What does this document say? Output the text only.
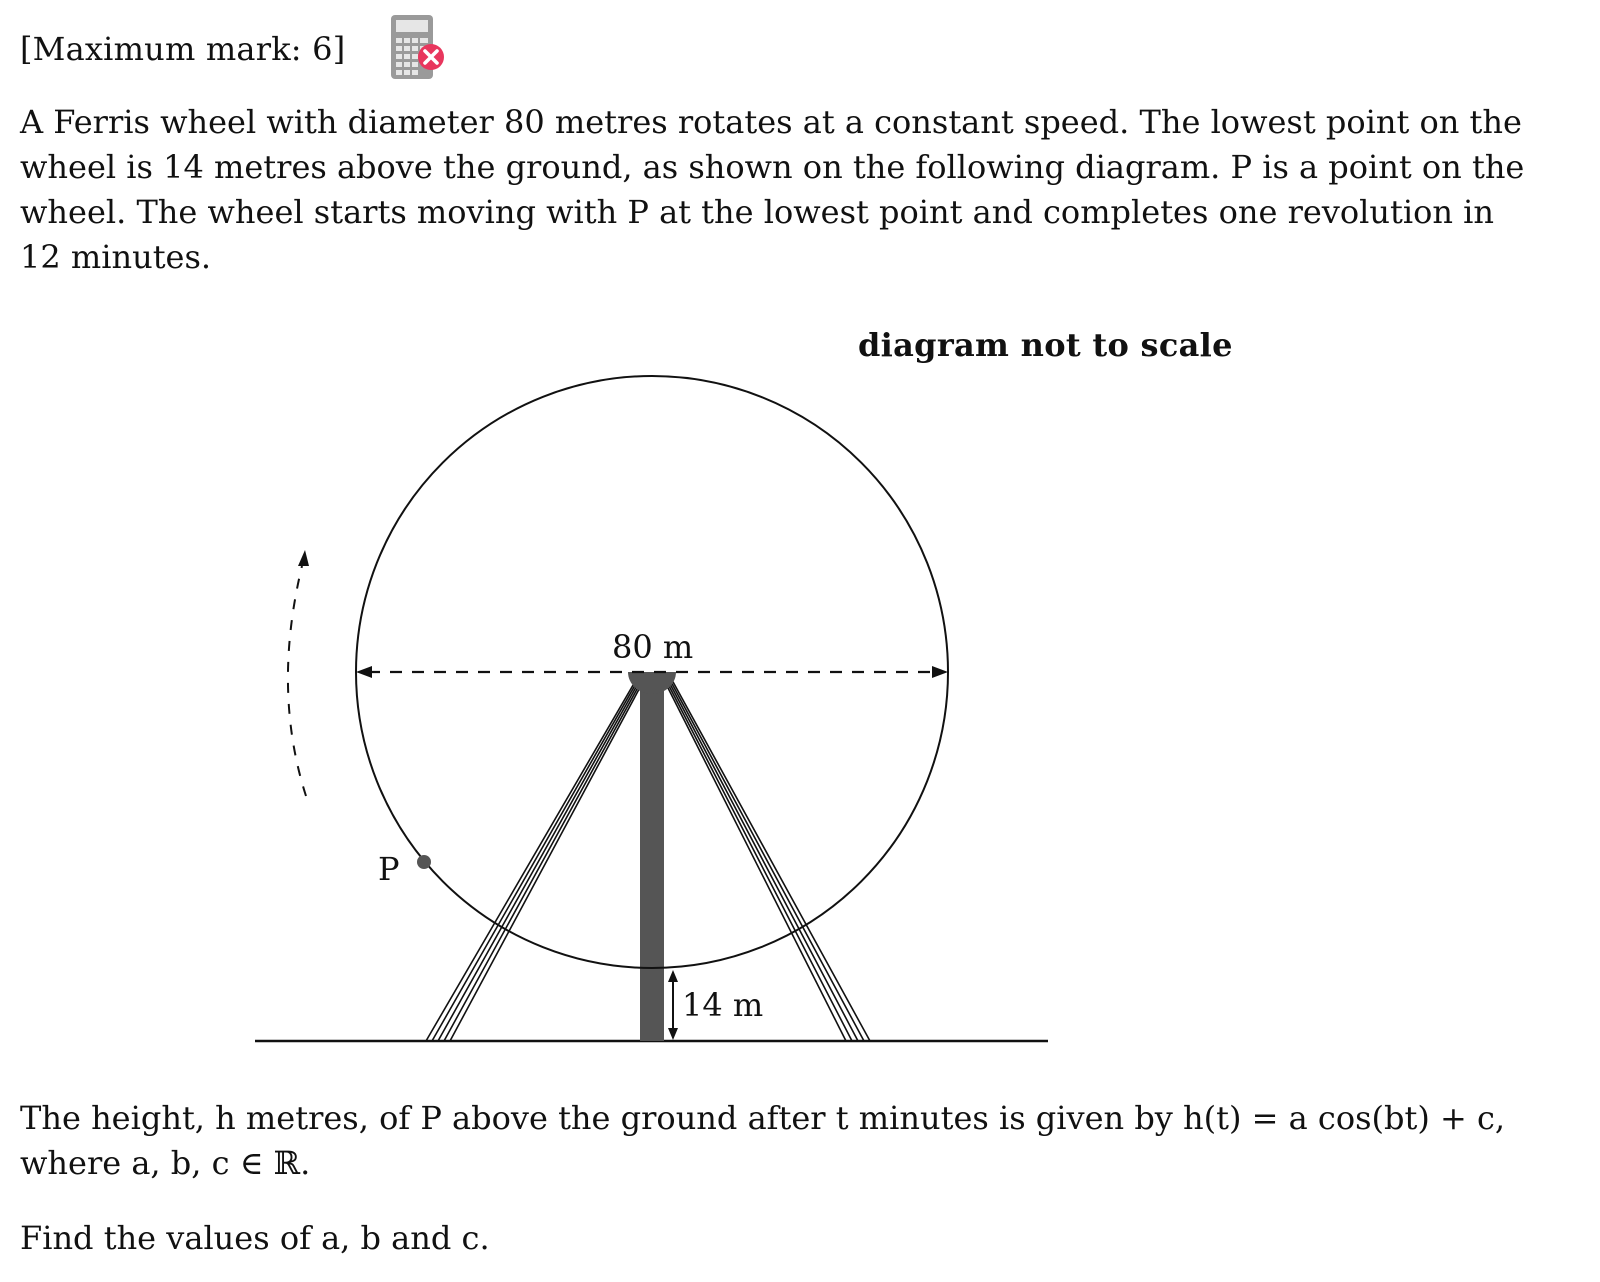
[Maximum mark: 6]
A Ferris wheel with diameter 80 metres rotates at a constant speed. The lowest point on the wheel is 14 metres above the ground, as shown on the following diagram. P is a point on the wheel. The wheel starts moving with P at the lowest point and completes one revolution in 12 minutes.
diagram not to scale
80 m
14 m
P
The height, h metres, of P above the ground after t minutes is given by h(t) = a cos(bt) + c, where a, b, c ∈ ℝ.
Find the values of a, b and c.
